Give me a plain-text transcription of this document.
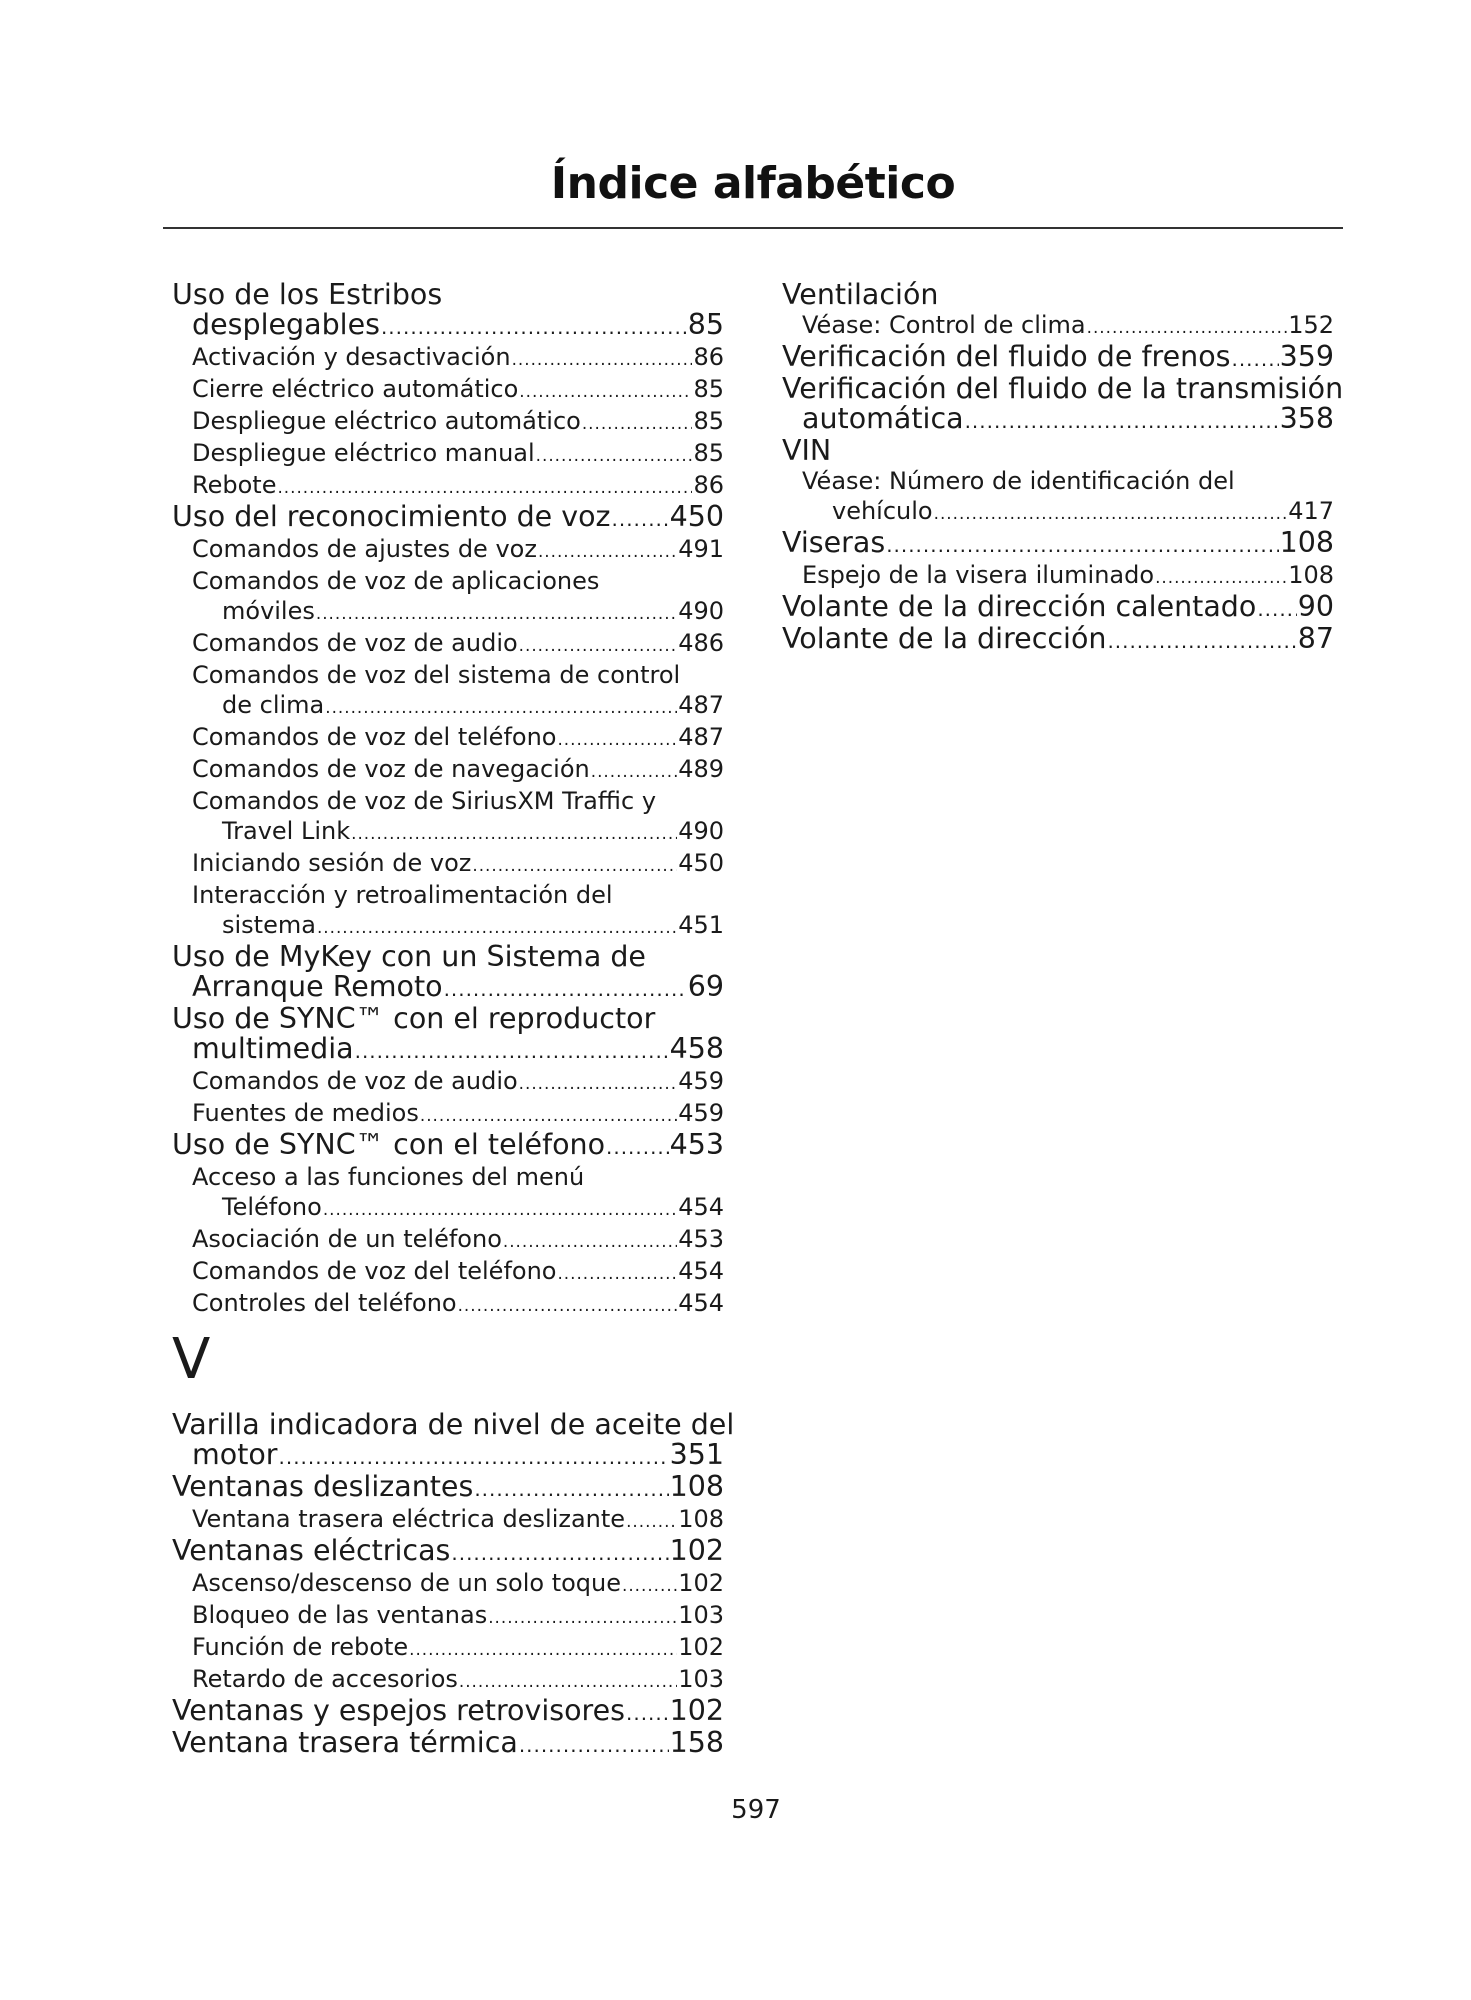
Índice alfabético
Uso de los Estribos
desplegables .....	85
Activación y desactivación .....	86
Cierre eléctrico automático .....	85
Despliegue eléctrico automático .....	85
Despliegue eléctrico manual .....	85
Rebote .....	86
Uso del reconocimiento de voz ..... 450
Comandos de ajustes de voz .....	491
Comandos de voz de aplicaciones
móviles .....	490
Comandos de voz de audio .....	486
Comandos de voz del sistema de control
de clima .....	487
Comandos de voz del teléfono .....	487
Comandos de voz de navegación .....	489
Comandos de voz de SiriusXM Traffic y
Travel Link .....	490
Iniciando sesión de voz .....	450
Interacción y retroalimentación del
sistema .....	451
Uso de MyKey con un Sistema de
Arranque Remoto .....	69
Uso de SYNC™ con el reproductor
multimedia .....	458
Comandos de voz de audio .....	459
Fuentes de medios .....	459
Uso de SYNC™ con el teléfono ..... 453
Acceso a las funciones del menú
Teléfono .....	454
Asociación de un teléfono .....	453
Comandos de voz del teléfono .....	454
Controles del teléfono .....	454
V
Varilla indicadora de nivel de aceite del
motor .....	351
Ventanas deslizantes .....	108
Ventana trasera eléctrica deslizante ..... 108
Ventanas eléctricas .....	102
Ascenso/descenso de un solo toque ..... 102
Bloqueo de las ventanas .....	103
Función de rebote .....	102
Retardo de accesorios .....	103
Ventanas y espejos retrovisores ..... 102
Ventana trasera térmica .....	158
Ventilación
Véase: Control de clima .....	152
Verificación del fluido de frenos ..... 359
Verificación del fluido de la transmisión
automática .....	358
VIN
Véase: Número de identificación del
vehículo .....	417
Viseras .....	108
Espejo de la visera iluminado .....	108
Volante de la dirección calentado ..... 90
Volante de la dirección .....	87
597
